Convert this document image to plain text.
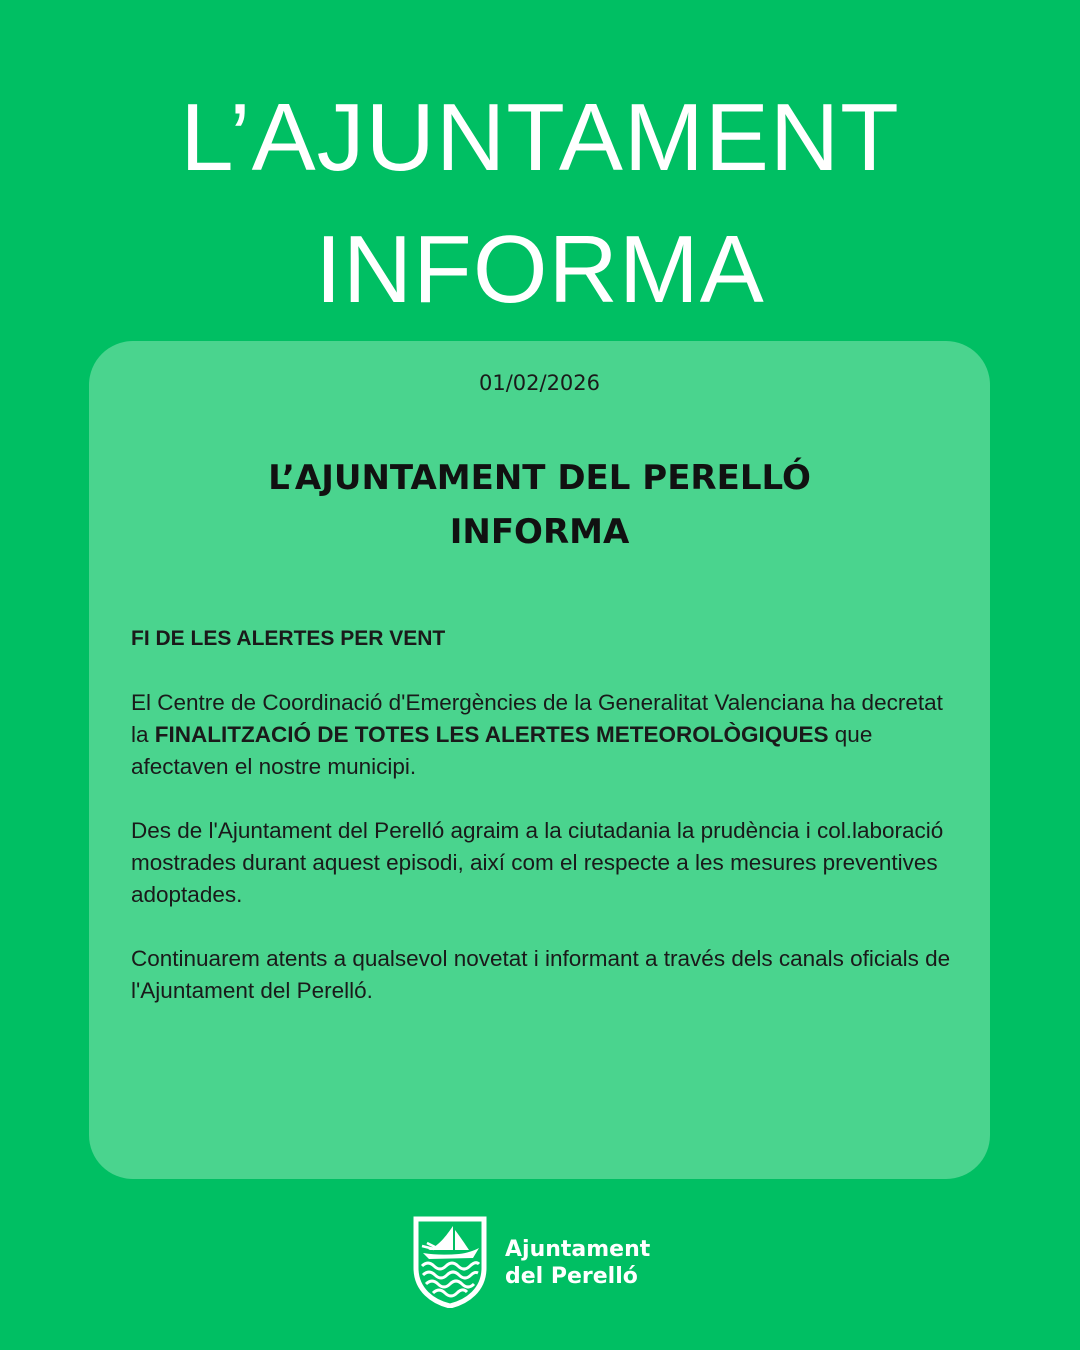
L’AJUNTAMENT
INFORMA
01/02/2026
L’AJUNTAMENT DEL PERELLÓ
INFORMA
FI DE LES ALERTES PER VENT

El Centre de Coordinació d'Emergències de la Generalitat Valenciana ha decretat la FINALITZACIÓ DE TOTES LES ALERTES METEOROLÒGIQUES que afectaven el nostre municipi.

Des de l'Ajuntament del Perelló agraim a la ciutadania la prudència i col.laboració mostrades durant aquest episodi, així com el respecte a les mesures preventives adoptades.

Continuarem atents a qualsevol novetat i informant a través dels canals oficials de l'Ajuntament del Perelló.

Ajuntament
del Perelló
